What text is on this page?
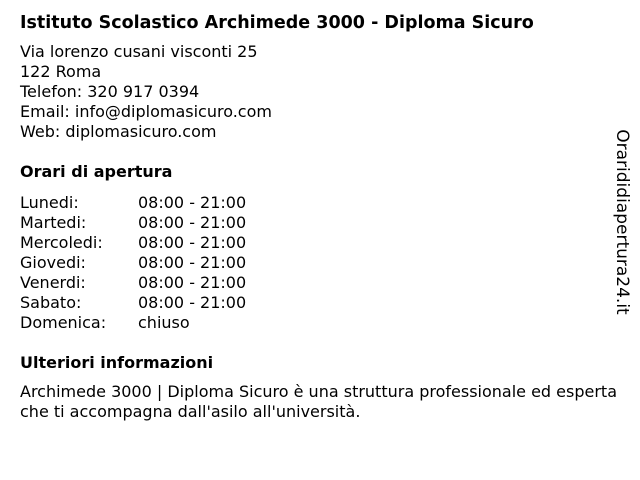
Istituto Scolastico Archimede 3000 - Diploma Sicuro
Via lorenzo cusani visconti 25
122 Roma
Telefon: 320 917 0394
Email: info@diplomasicuro.com
Web: diplomasicuro.com
Orari di apertura
Lunedi:	08:00 - 21:00
Martedi:	08:00 - 21:00
Mercoledi:	08:00 - 21:00
Giovedi:	08:00 - 21:00
Venerdi:	08:00 - 21:00
Sabato:	08:00 - 21:00
Domenica:	chiuso
Ulteriori informazioni
Archimede 3000 | Diploma Sicuro è una struttura professionale ed esperta che ti accompagna dall'asilo all'università.
Orarididiapertura24.it
